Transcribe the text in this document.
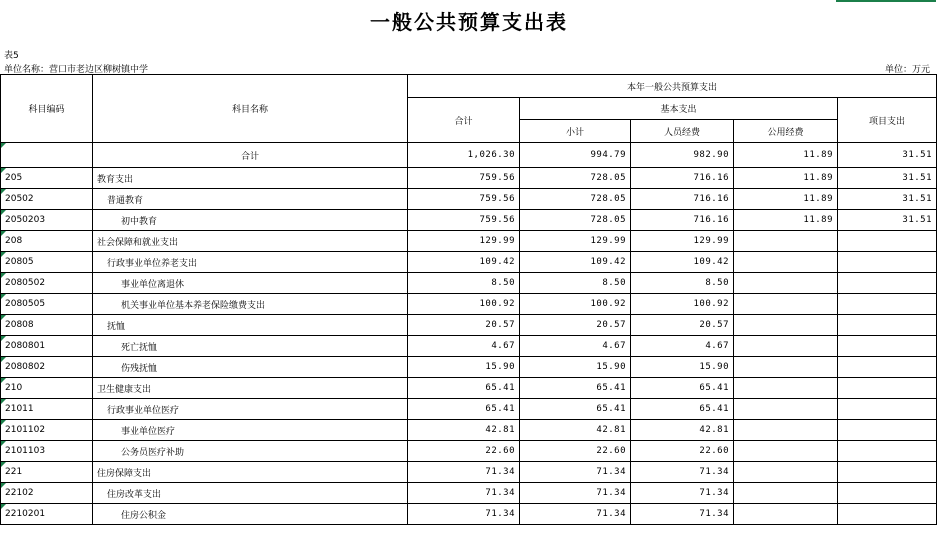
一般公共预算支出表
表5
单位名称：营口市老边区柳树镇中学	单位：万元
科目编码	科目名称	本年一般公共预算支出				
		合计	基本支出			项目支出
			小计	人员经费	公用经费	
	合计	1,026.30	994.79	982.90	11.89	31.51
205	教育支出	759.56	728.05	716.16	11.89	31.51
20502	普通教育	759.56	728.05	716.16	11.89	31.51
2050203	初中教育	759.56	728.05	716.16	11.89	31.51
208	社会保障和就业支出	129.99	129.99	129.99		
20805	行政事业单位养老支出	109.42	109.42	109.42		
2080502	事业单位离退休	8.50	8.50	8.50		
2080505	机关事业单位基本养老保险缴费支出	100.92	100.92	100.92		
20808	抚恤	20.57	20.57	20.57		
2080801	死亡抚恤	4.67	4.67	4.67		
2080802	伤残抚恤	15.90	15.90	15.90		
210	卫生健康支出	65.41	65.41	65.41		
21011	行政事业单位医疗	65.41	65.41	65.41		
2101102	事业单位医疗	42.81	42.81	42.81		
2101103	公务员医疗补助	22.60	22.60	22.60		
221	住房保障支出	71.34	71.34	71.34		
22102	住房改革支出	71.34	71.34	71.34		
2210201	住房公积金	71.34	71.34	71.34		
